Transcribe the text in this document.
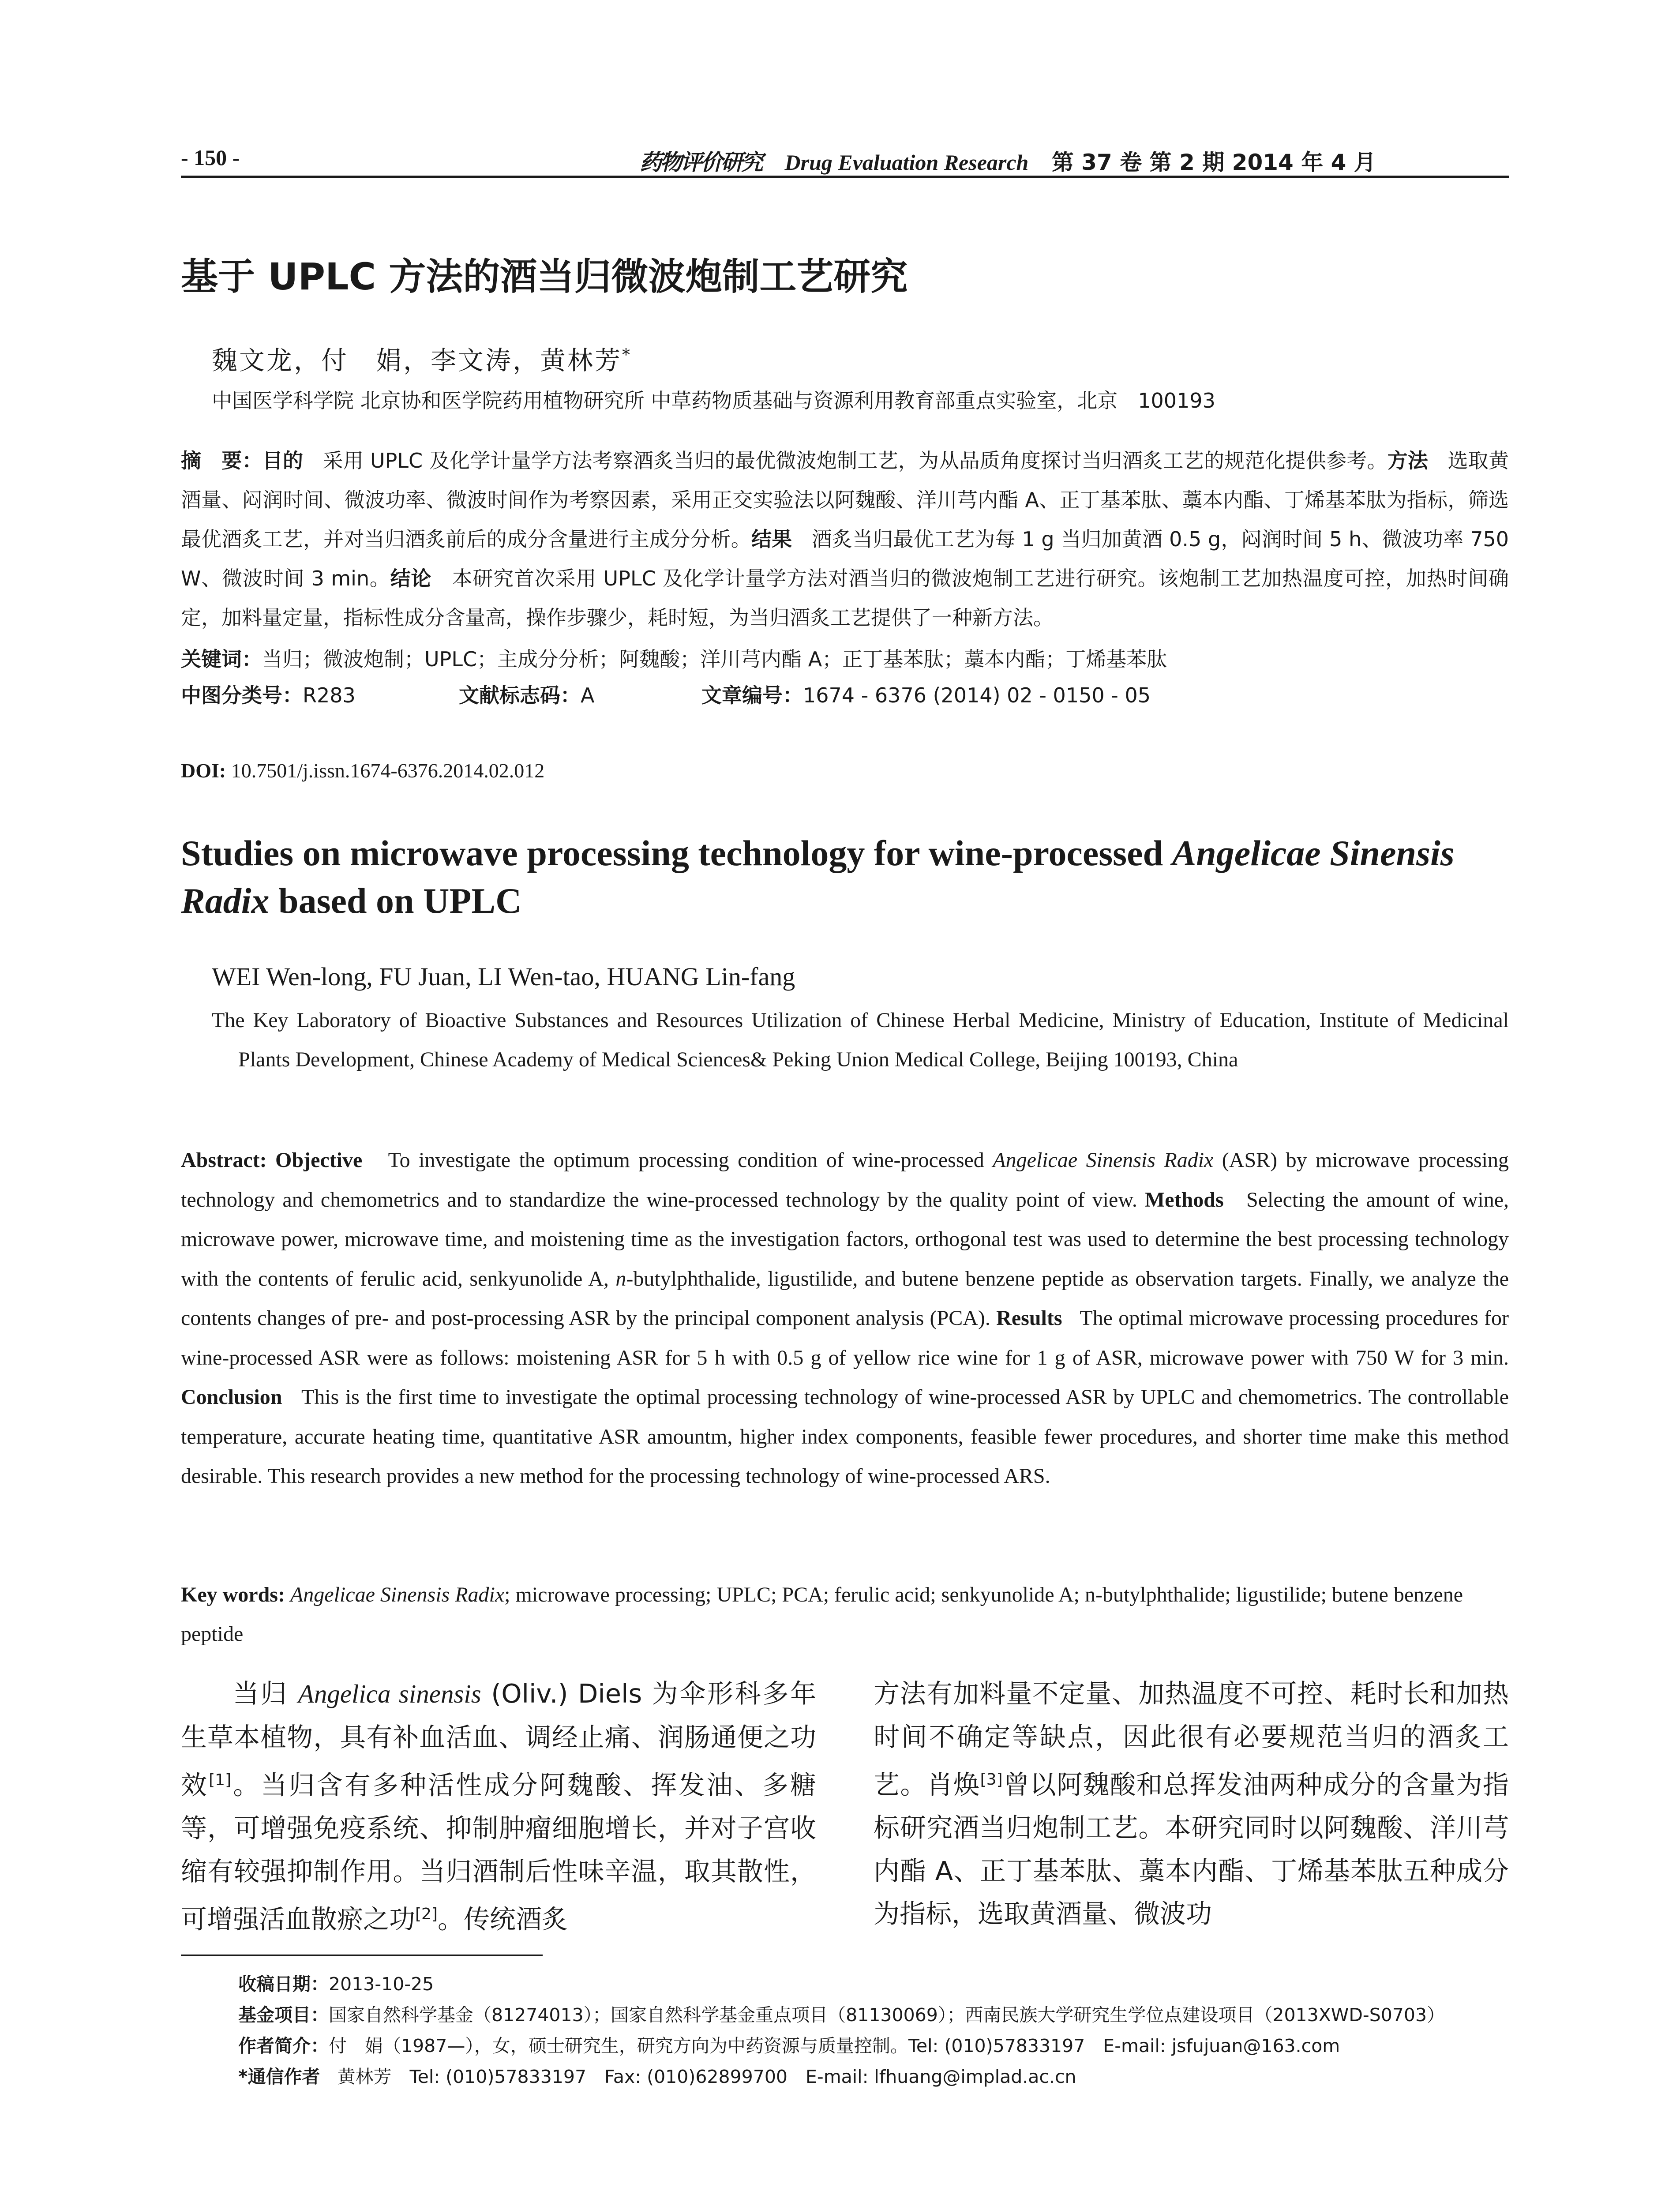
- 150 -	药物评价研究 Drug Evaluation Research 第 37 卷 第 2 期 2014 年 4 月
基于 UPLC 方法的酒当归微波炮制工艺研究
魏文龙，付　娟，李文涛，黄林芳*
中国医学科学院 北京协和医学院药用植物研究所 中草药物质基础与资源利用教育部重点实验室，北京　100193
摘　要：目的 采用 UPLC 及化学计量学方法考察酒炙当归的最优微波炮制工艺，为从品质角度探讨当归酒炙工艺的规范化提供参考。方法 选取黄酒量、闷润时间、微波功率、微波时间作为考察因素，采用正交实验法以阿魏酸、洋川芎内酯 A、正丁基苯肽、藁本内酯、丁烯基苯肽为指标，筛选最优酒炙工艺，并对当归酒炙前后的成分含量进行主成分分析。结果 酒炙当归最优工艺为每 1 g 当归加黄酒 0.5 g，闷润时间 5 h、微波功率 750 W、微波时间 3 min。结论 本研究首次采用 UPLC 及化学计量学方法对酒当归的微波炮制工艺进行研究。该炮制工艺加热温度可控，加热时间确定，加料量定量，指标性成分含量高，操作步骤少，耗时短，为当归酒炙工艺提供了一种新方法。
关键词：当归；微波炮制；UPLC；主成分分析；阿魏酸；洋川芎内酯 A；正丁基苯肽；藁本内酯；丁烯基苯肽
中图分类号：R283	文献标志码：A	文章编号：1674 - 6376 (2014) 02 - 0150 - 05
DOI: 10.7501/j.issn.1674-6376.2014.02.012
Studies on microwave processing technology for wine-processed Angelicae Sinensis Radix based on UPLC
WEI Wen-long, FU Juan, LI Wen-tao, HUANG Lin-fang
The Key Laboratory of Bioactive Substances and Resources Utilization of Chinese Herbal Medicine, Ministry of Education, Institute of Medicinal Plants Development, Chinese Academy of Medical Sciences& Peking Union Medical College, Beijing 100193, China
Abstract: Objective To investigate the optimum processing condition of wine-processed Angelicae Sinensis Radix (ASR) by microwave processing technology and chemometrics and to standardize the wine-processed technology by the quality point of view. Methods Selecting the amount of wine, microwave power, microwave time, and moistening time as the investigation factors, orthogonal test was used to determine the best processing technology with the contents of ferulic acid, senkyunolide A, n-butylphthalide, ligustilide, and butene benzene peptide as observation targets. Finally, we analyze the contents changes of pre- and post-processing ASR by the principal component analysis (PCA). Results The optimal microwave processing procedures for wine-processed ASR were as follows: moistening ASR for 5 h with 0.5 g of yellow rice wine for 1 g of ASR, microwave power with 750 W for 3 min. Conclusion This is the first time to investigate the optimal processing technology of wine-processed ASR by UPLC and chemometrics. The controllable temperature, accurate heating time, quantitative ASR amountm, higher index components, feasible fewer procedures, and shorter time make this method desirable. This research provides a new method for the processing technology of wine-processed ARS.
Key words: Angelicae Sinensis Radix; microwave processing; UPLC; PCA; ferulic acid; senkyunolide A; n-butylphthalide; ligustilide; butene benzene peptide
当归 Angelica sinensis (Oliv.) Diels 为伞形科多年生草本植物，具有补血活血、调经止痛、润肠通便之功效[1]。当归含有多种活性成分阿魏酸、挥发油、多糖等，可增强免疫系统、抑制肿瘤细胞增长，并对子宫收缩有较强抑制作用。当归酒制后性味辛温，取其散性，可增强活血散瘀之功[2]。传统酒炙
方法有加料量不定量、加热温度不可控、耗时长和加热时间不确定等缺点，因此很有必要规范当归的酒炙工艺。肖焕[3]曾以阿魏酸和总挥发油两种成分的含量为指标研究酒当归炮制工艺。本研究同时以阿魏酸、洋川芎内酯 A、正丁基苯肽、藁本内酯、丁烯基苯肽五种成分为指标，选取黄酒量、微波功
收稿日期：2013-10-25
基金项目：国家自然科学基金（81274013）；国家自然科学基金重点项目（81130069）；西南民族大学研究生学位点建设项目（2013XWD-S0703）
作者简介：付　娟（1987—），女，硕士研究生，研究方向为中药资源与质量控制。Tel: (010)57833197　E-mail: jsfujuan@163.com
*通信作者 黄林芳　Tel: (010)57833197　Fax: (010)62899700　E-mail: lfhuang@implad.ac.cn
